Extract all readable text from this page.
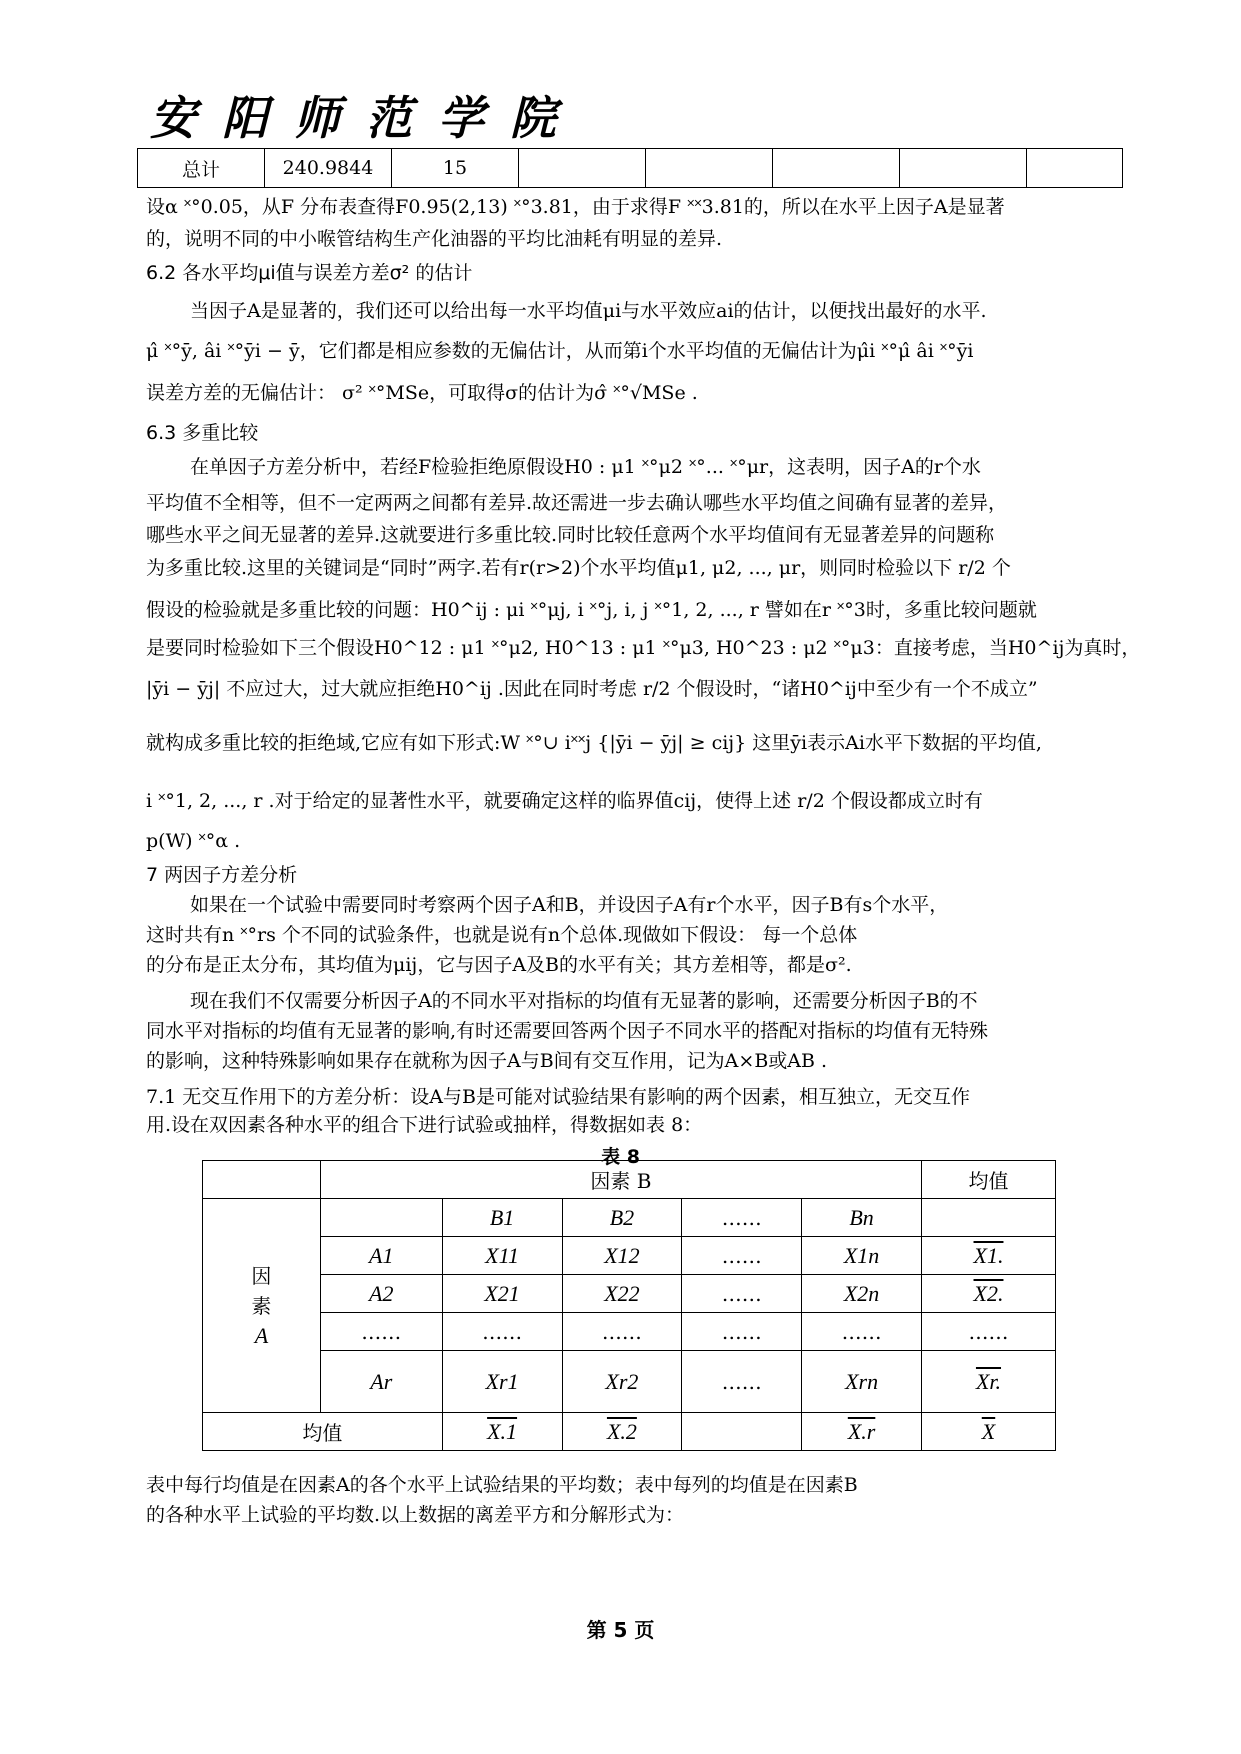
安阳师范学院
总计	240.9844	15					
设α ˟°0.05，从F 分布表查得F0.95(2,13) ˟°3.81，由于求得F ˟˟3.81的，所以在水平上因子A是显著
的，说明不同的中小喉管结构生产化油器的平均比油耗有明显的差异.
6.2 各水平均μi值与误差方差σ² 的估计
当因子A是显著的，我们还可以给出每一水平均值μi与水平效应ai的估计，以便找出最好的水平.
μ̂ ˟°ȳ, âi ˟°ȳi − ȳ，它们都是相应参数的无偏估计，从而第i个水平均值的无偏估计为μ̂i ˟°μ̂ âi ˟°ȳi
误差方差的无偏估计： σ² ˟°MSe，可取得σ的估计为σ̂ ˟°√MSe .
6.3 多重比较
在单因子方差分析中，若经F检验拒绝原假设H0 : μ1 ˟°μ2 ˟°... ˟°μr，这表明，因子A的r个水
平均值不全相等，但不一定两两之间都有差异.故还需进一步去确认哪些水平均值之间确有显著的差异，
哪些水平之间无显著的差异.这就要进行多重比较.同时比较任意两个水平均值间有无显著差异的问题称
为多重比较.这里的关键词是“同时”两字.若有r(r>2)个水平均值μ1, μ2, ..., μr，则同时检验以下 r/2 个
假设的检验就是多重比较的问题：H0^ij : μi ˟°μj, i ˟°j, i, j ˟°1, 2, ..., r 譬如在r ˟°3时，多重比较问题就
是要同时检验如下三个假设H0^12 : μ1 ˟°μ2, H0^13 : μ1 ˟°μ3, H0^23 : μ2 ˟°μ3：直接考虑，当H0^ij为真时，
|ȳi − ȳj| 不应过大，过大就应拒绝H0^ij .因此在同时考虑 r/2 个假设时，“诸H0^ij中至少有一个不成立”
就构成多重比较的拒绝域,它应有如下形式:W ˟°∪ i˟˟j {|ȳi − ȳj| ≥ cij} 这里ȳi表示Ai水平下数据的平均值,
i ˟°1, 2, ..., r .对于给定的显著性水平，就要确定这样的临界值cij，使得上述 r/2 个假设都成立时有
p(W) ˟°α .
7 两因子方差分析
如果在一个试验中需要同时考察两个因子A和B，并设因子A有r个水平，因子B有s个水平，
这时共有n ˟°rs 个不同的试验条件，也就是说有n个总体.现做如下假设： 每一个总体
的分布是正太分布，其均值为μij，它与因子A及B的水平有关；其方差相等，都是σ².
现在我们不仅需要分析因子A的不同水平对指标的均值有无显著的影响，还需要分析因子B的不
同水平对指标的均值有无显著的影响,有时还需要回答两个因子不同水平的搭配对指标的均值有无特殊
的影响，这种特殊影响如果存在就称为因子A与B间有交互作用，记为A×B或AB .
7.1 无交互作用下的方差分析：设A与B是可能对试验结果有影响的两个因素，相互独立，无交互作
用.设在双因素各种水平的组合下进行试验或抽样，得数据如表 8：
表 8
	因素 B					均值
因
素
A		B1	B2	……	Bn	
	A1	X11	X12	……	X1n	X1.
	A2	X21	X22	……	X2n	X2.
	……	……	……	……	……	……
	Ar	Xr1	Xr2	……	Xrn	Xr.
均值		X.1	X.2		X.r	$\overline{X}$
表中每行均值是在因素A的各个水平上试验结果的平均数；表中每列的均值是在因素B
的各种水平上试验的平均数.以上数据的离差平方和分解形式为：
第 5 页
